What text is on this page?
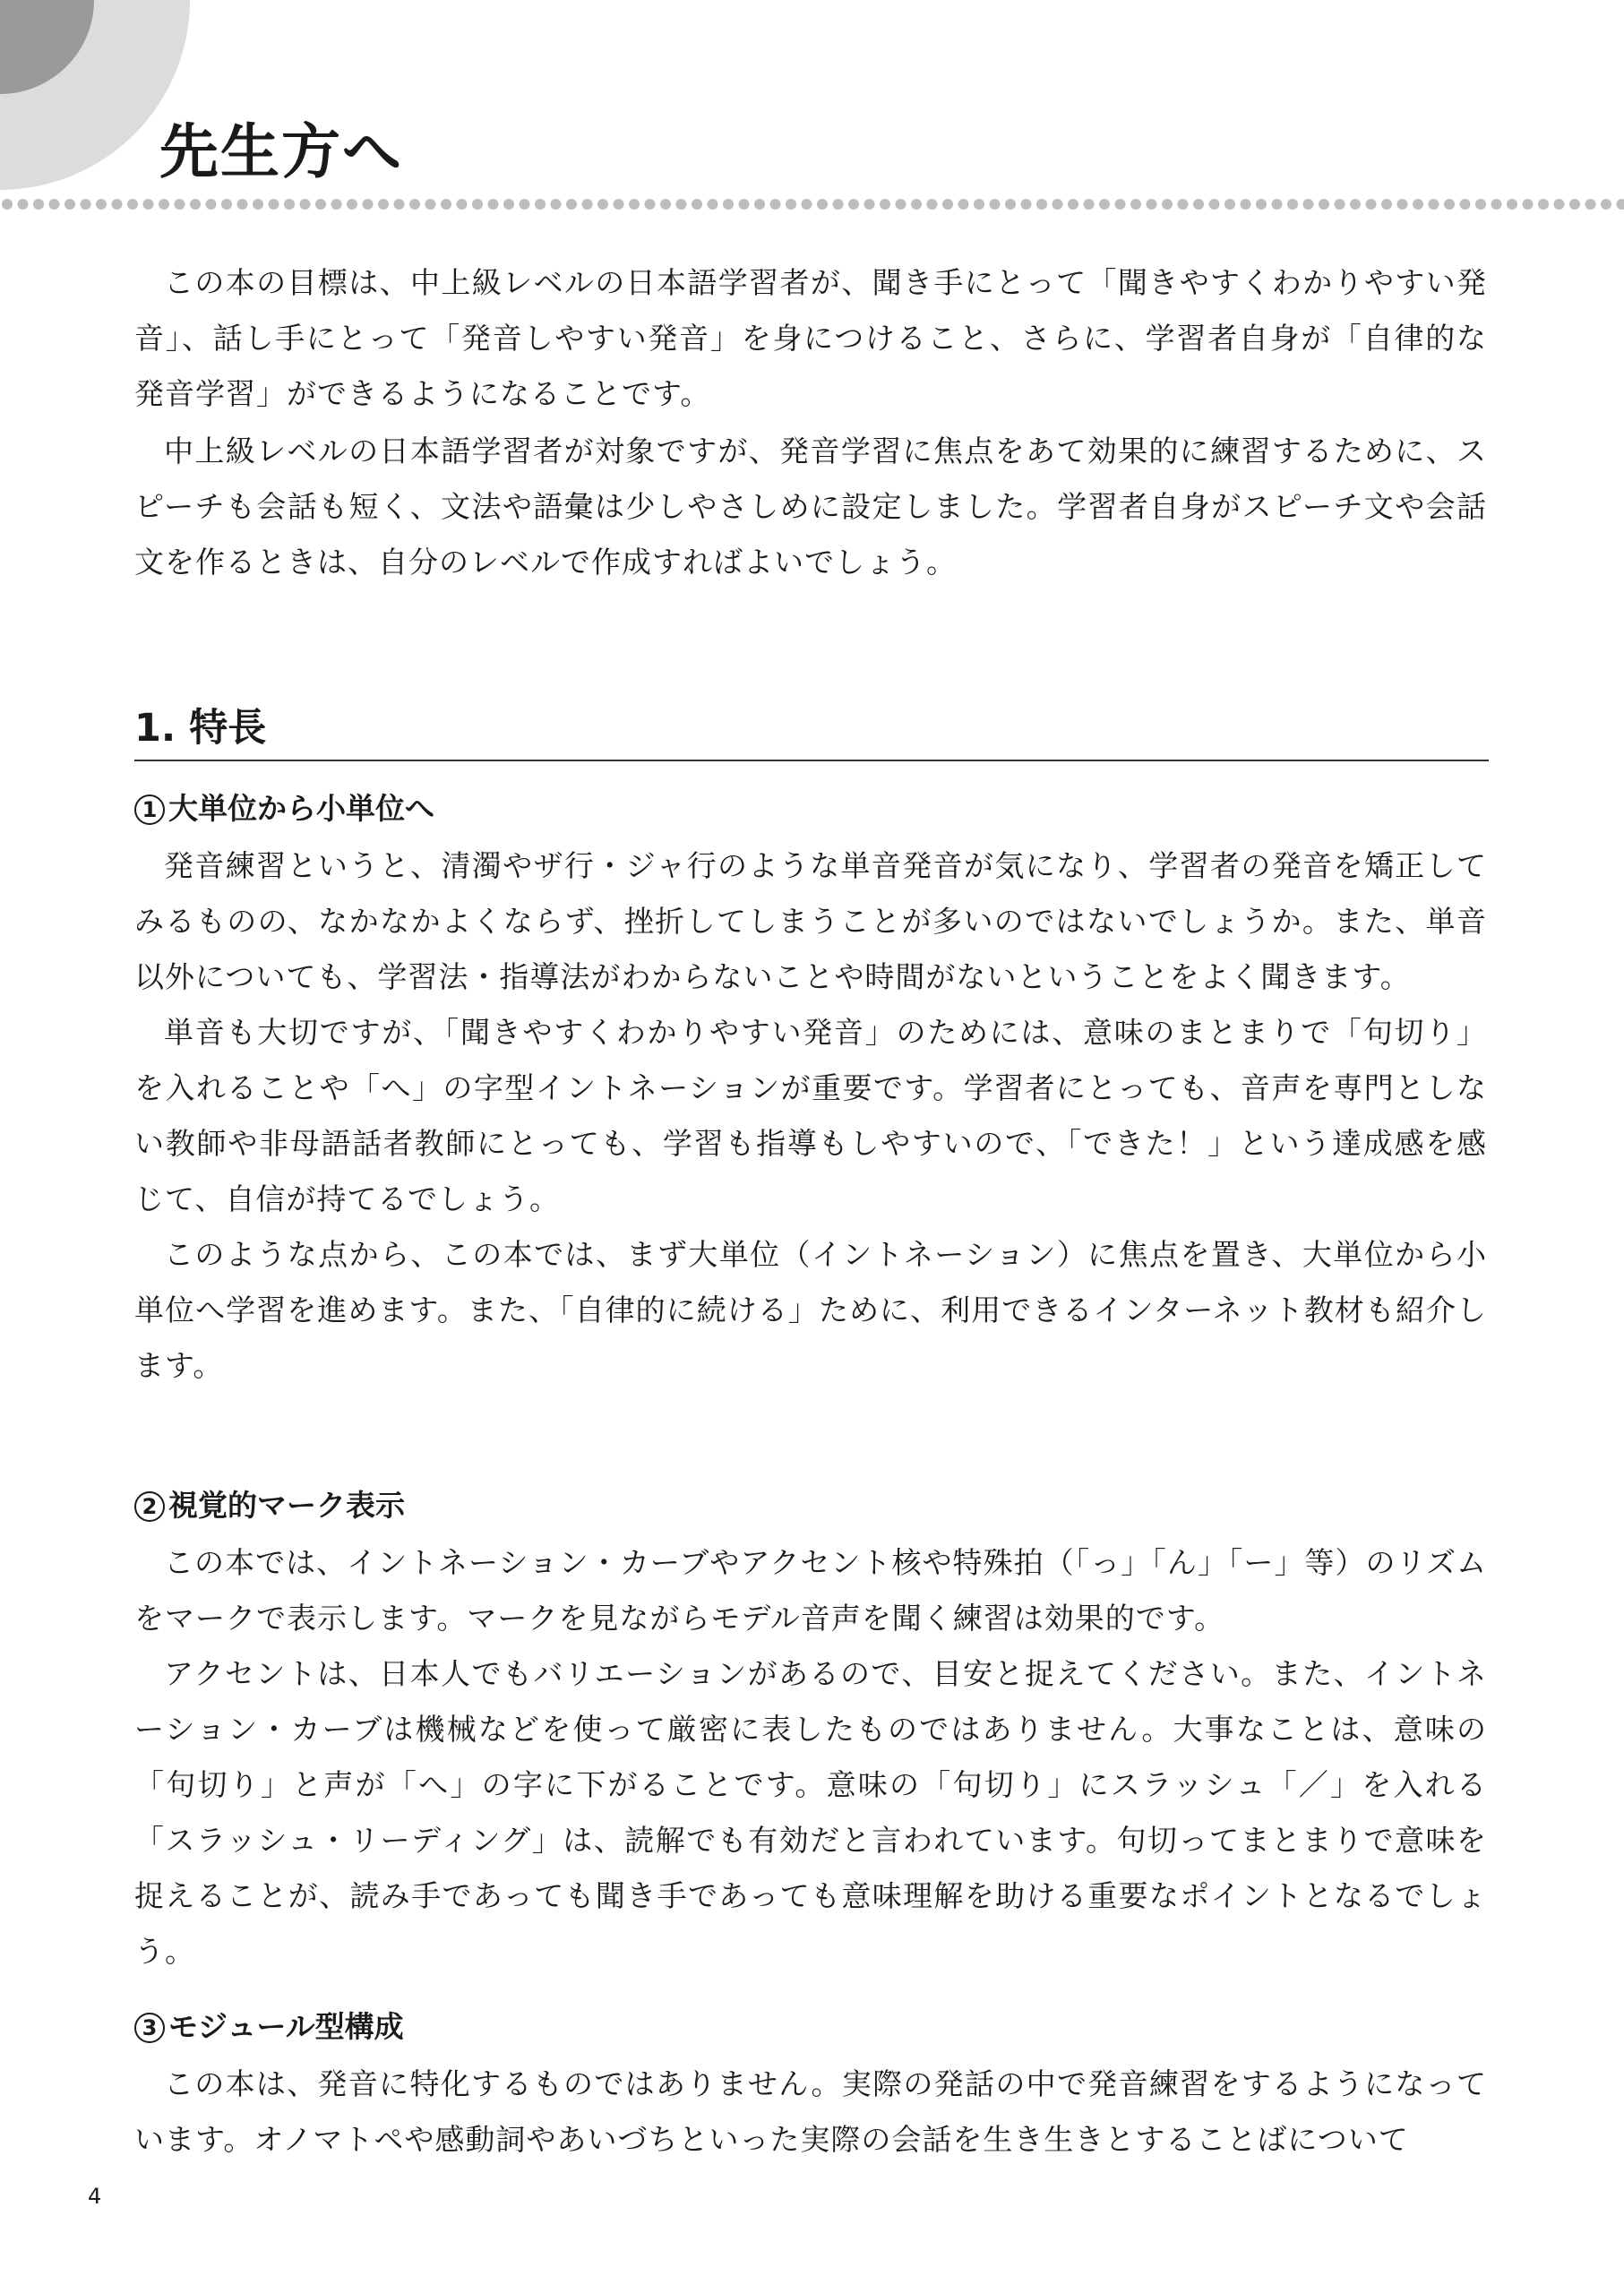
先生方へ

この本の目標は、中上級レベルの日本語学習者が、聞き手にとって「聞きやすくわかりやすい発音」、話し手にとって「発音しやすい発音」を身につけること、さらに、学習者自身が「自律的な発音学習」ができるようになることです。

中上級レベルの日本語学習者が対象ですが、発音学習に焦点をあて効果的に練習するために、スピーチも会話も短く、文法や語彙は少しやさしめに設定しました。学習者自身がスピーチ文や会話文を作るときは、自分のレベルで作成すればよいでしょう。

1. 特長
1 大単位から小単位へ

発音練習というと、清濁やザ行・ジャ行のような単音発音が気になり、学習者の発音を矯正してみるものの、なかなかよくならず、挫折してしまうことが多いのではないでしょうか。また、単音以外についても、学習法・指導法がわからないことや時間がないということをよく聞きます。

単音も大切ですが、「聞きやすくわかりやすい発音」のためには、意味のまとまりで「句切り」を入れることや「へ」の字型イントネーションが重要です。学習者にとっても、音声を専門としない教師や非母語話者教師にとっても、学習も指導もしやすいので、「できた！」という達成感を感じて、自信が持てるでしょう。

このような点から、この本では、まず大単位（イントネーション）に焦点を置き、大単位から小単位へ学習を進めます。また、「自律的に続ける」ために、利用できるインターネット教材も紹介します。

2 視覚的マーク表示

この本では、イントネーション・カーブやアクセント核や特殊拍（「っ」「ん」「ー」等）のリズムをマークで表示します。マークを見ながらモデル音声を聞く練習は効果的です。

アクセントは、日本人でもバリエーションがあるので、目安と捉えてください。また、イントネーション・カーブは機械などを使って厳密に表したものではありません。大事なことは、意味の「句切り」と声が「へ」の字に下がることです。意味の「句切り」にスラッシュ「／」を入れる「スラッシュ・リーディング」は、読解でも有効だと言われています。句切ってまとまりで意味を捉えることが、読み手であっても聞き手であっても意味理解を助ける重要なポイントとなるでしょう。

3 モジュール型構成

この本は、発音に特化するものではありません。実際の発話の中で発音練習をするようになっています。オノマトペや感動詞やあいづちといった実際の会話を生き生きとすることばについて

4
